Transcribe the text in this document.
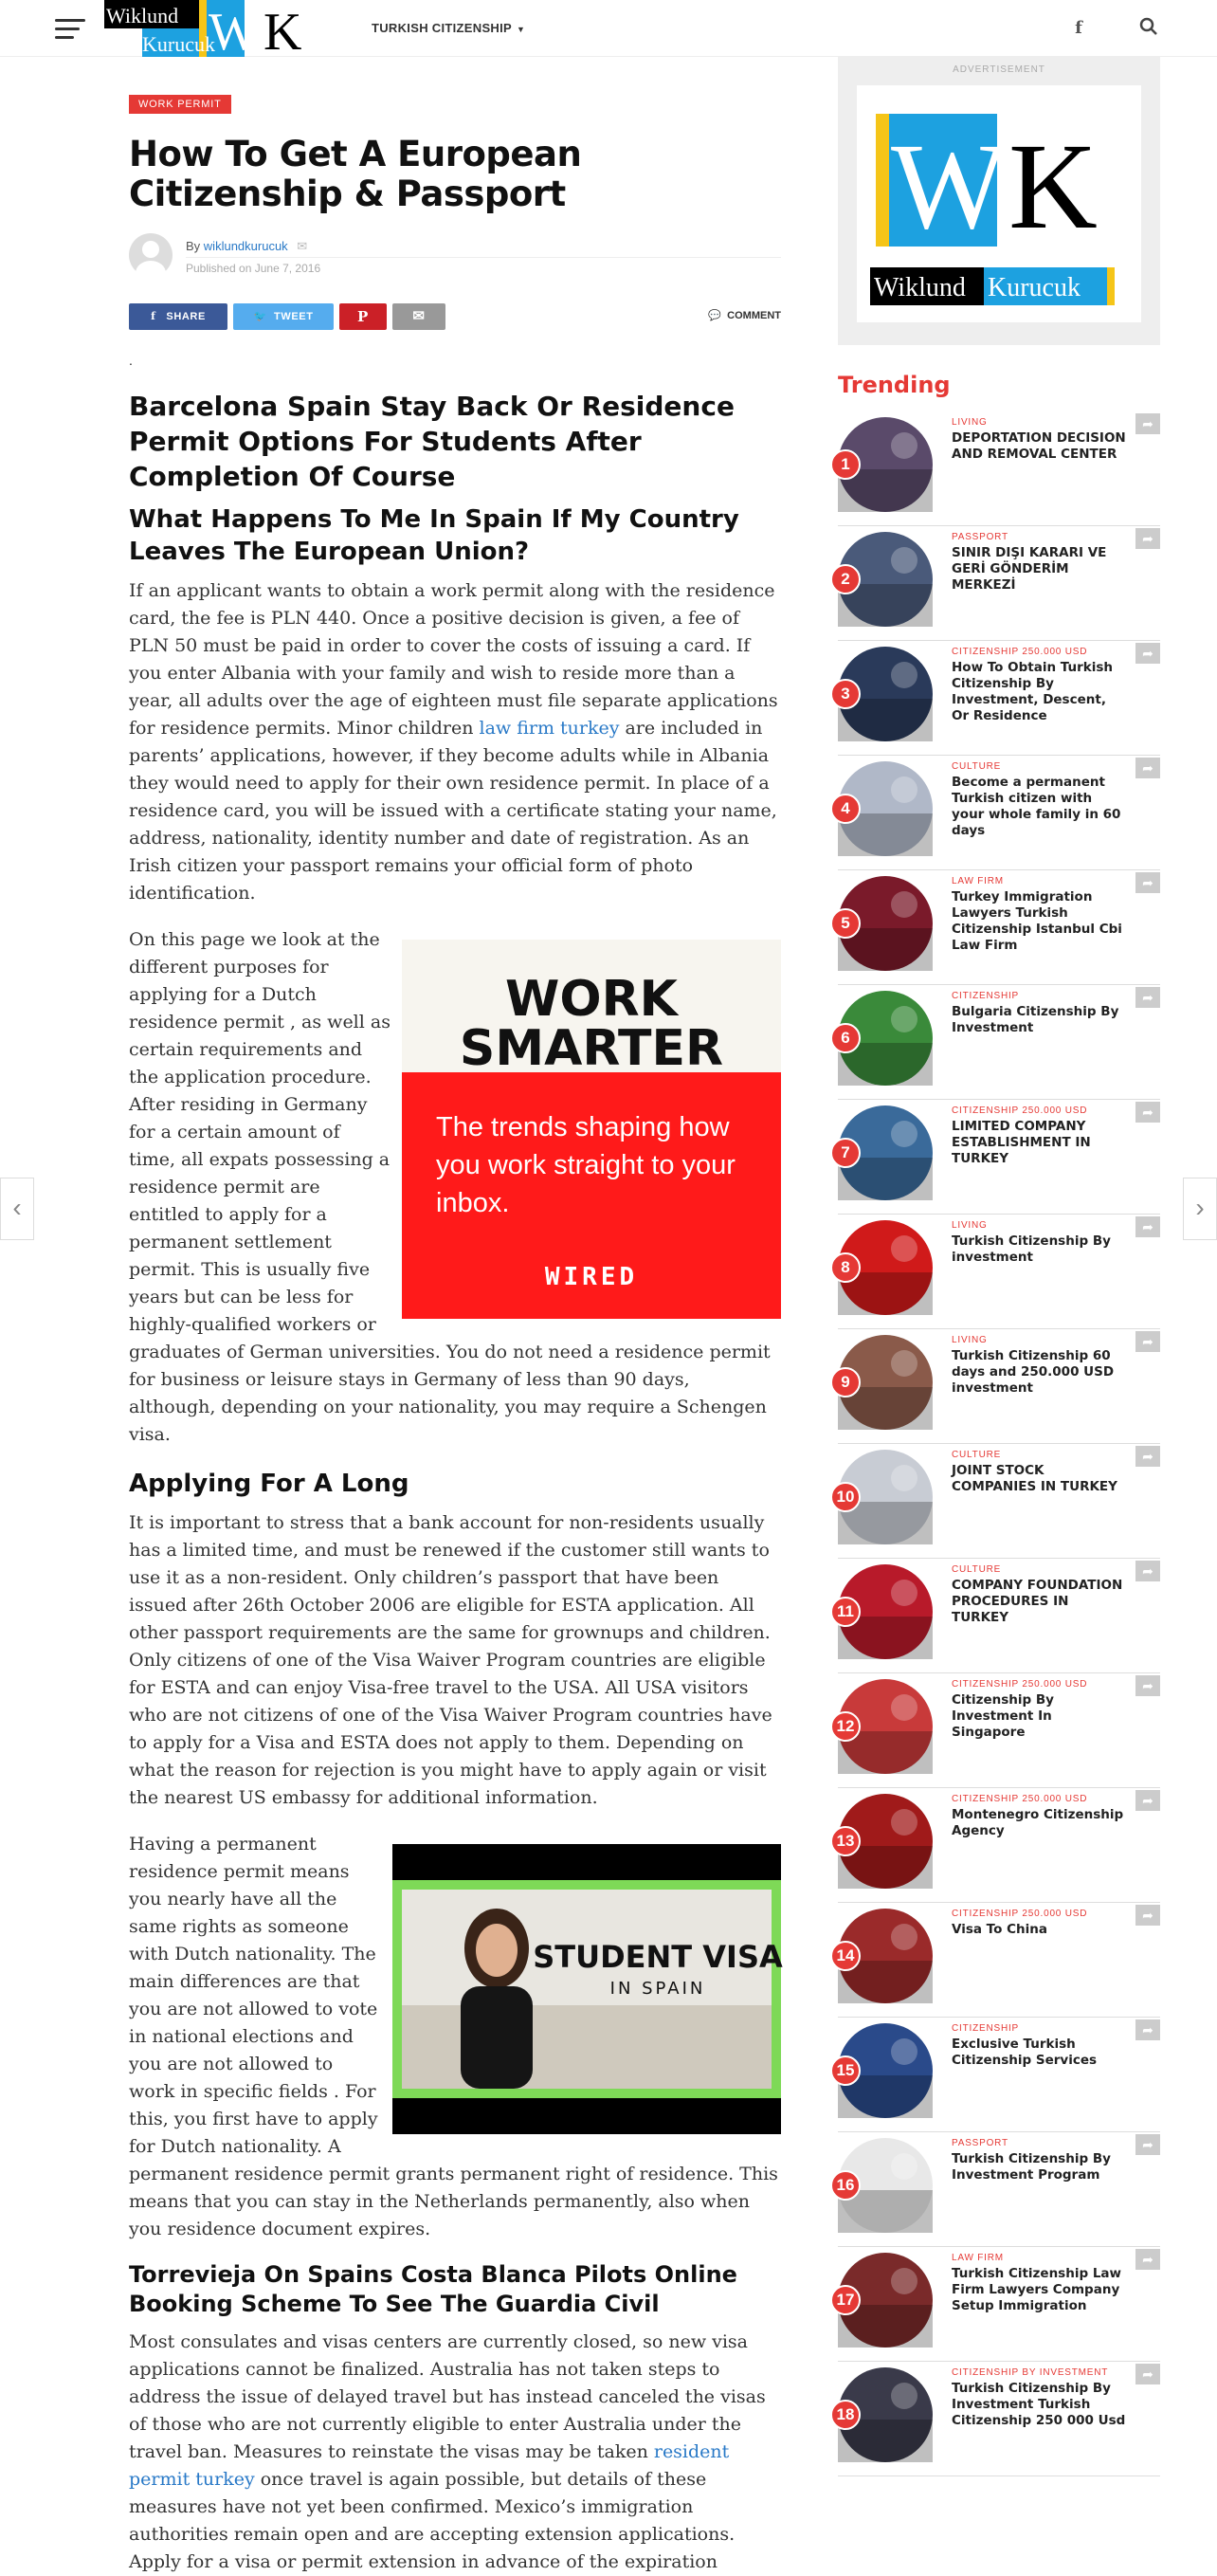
Wiklund
Kurucuk
W K	TURKISH CITIZENSHIP ▼	f
WORK PERMIT
How To Get A European Citizenship & Passport
By wiklundkurucuk ✉
Published on June 7, 2016
f SHARE	🐦 TWEET	P	✉	💬 COMMENT
.
Barcelona Spain Stay Back Or Residence Permit Options For Students After Completion Of Course
What Happens To Me In Spain If My Country Leaves The European Union?

If an applicant wants to obtain a work permit along with the residence card, the fee is PLN 440. Once a positive decision is given, a fee of PLN 50 must be paid in order to cover the costs of issuing a card. If you enter Albania with your family and wish to reside more than a year, all adults over the age of eighteen must file separate applications for residence permits. Minor children law firm turkey are included in parents’ applications, however, if they become adults while in Albania they would need to apply for their own residence permit. In place of a residence card, you will be issued with a certificate stating your name, address, nationality, identity number and date of registration. As an Irish citizen your passport remains your official form of photo identification.

WORK
SMARTER
The trends shaping how you work straight to your inbox.
WIRED
On this page we look at the different purposes for applying for a Dutch residence permit , as well as certain requirements and the application procedure. After residing in Germany for a certain amount of time, all expats possessing a residence permit are entitled to apply for a permanent settlement permit. This is usually five years but can be less for highly-qualified workers or graduates of German universities. You do not need a residence permit for business or leisure stays in Germany of less than 90 days, although, depending on your nationality, you may require a Schengen visa.
Applying For A Long

It is important to stress that a bank account for non-residents usually has a limited time, and must be renewed if the customer still wants to use it as a non-resident. Only children’s passport that have been issued after 26th October 2006 are eligible for ESTA application. All other passport requirements are the same for grownups and children. Only citizens of one of the Visa Waiver Program countries are eligible for ESTA and can enjoy Visa-free travel to the USA. All USA visitors who are not citizens of one of the Visa Waiver Program countries have to apply for a Visa and ESTA does not apply to them. Depending on what the reason for rejection is you might have to apply again or visit the nearest US embassy for additional information.

STUDENT VISA
IN SPAIN
Having a permanent residence permit means you nearly have all the same rights as someone with Dutch nationality. The main differences are that you are not allowed to vote in national elections and you are not allowed to work in specific fields . For this, you first have to apply for Dutch nationality. A permanent residence permit grants permanent right of residence. This means that you can stay in the Netherlands permanently, also when you residence document expires.
Torrevieja On Spains Costa Blanca Pilots Online Booking Scheme To See The Guardia Civil

Most consulates and visas centers are currently closed, so new visa applications cannot be finalized. Australia has not taken steps to address the issue of delayed travel but has instead canceled the visas of those who are not currently eligible to enter Australia under the travel ban. Measures to reinstate the visas may be taken resident permit turkey once travel is again possible, but details of these measures have not yet been confirmed. Mexico’s immigration authorities remain open and are accepting extension applications. Apply for a visa or permit extension in advance of the expiration

ADVERTISEMENT
W K
Wiklund Kurucuk
Trending
1
LIVING
DEPORTATION DECISION AND REMOVAL CENTER
➦
2
PASSPORT
SINIR DIŞI KARARI VE GERİ GÖNDERİM MERKEZİ
➦
3
CITIZENSHIP 250.000 USD
How To Obtain Turkish Citizenship By Investment, Descent, Or Residence
➦
4
CULTURE
Become a permanent Turkish citizen with your whole family in 60 days
➦
5
LAW FIRM
Turkey Immigration Lawyers Turkish Citizenship Istanbul Cbi Law Firm
➦
6
CITIZENSHIP
Bulgaria Citizenship By Investment
➦
7
CITIZENSHIP 250.000 USD
LIMITED COMPANY ESTABLISHMENT IN TURKEY
➦
8
LIVING
Turkish Citizenship By investment
➦
9
LIVING
Turkish Citizenship 60 days and 250.000 USD investment
➦
10
CULTURE
JOINT STOCK COMPANIES IN TURKEY
➦
11
CULTURE
COMPANY FOUNDATION PROCEDURES IN TURKEY
➦
12
CITIZENSHIP 250.000 USD
Citizenship By Investment In Singapore
➦
13
CITIZENSHIP 250.000 USD
Montenegro Citizenship Agency
➦
14
CITIZENSHIP 250.000 USD
Visa To China
➦
15
CITIZENSHIP
Exclusive Turkish Citizenship Services
➦
16
PASSPORT
Turkish Citizenship By Investment Program
➦
17
LAW FIRM
Turkish Citizenship Law Firm Lawyers Company Setup Immigration
➦
18
CITIZENSHIP BY INVESTMENT
Turkish Citizenship By Investment Turkish Citizenship 250 000 Usd
➦
‹	›
